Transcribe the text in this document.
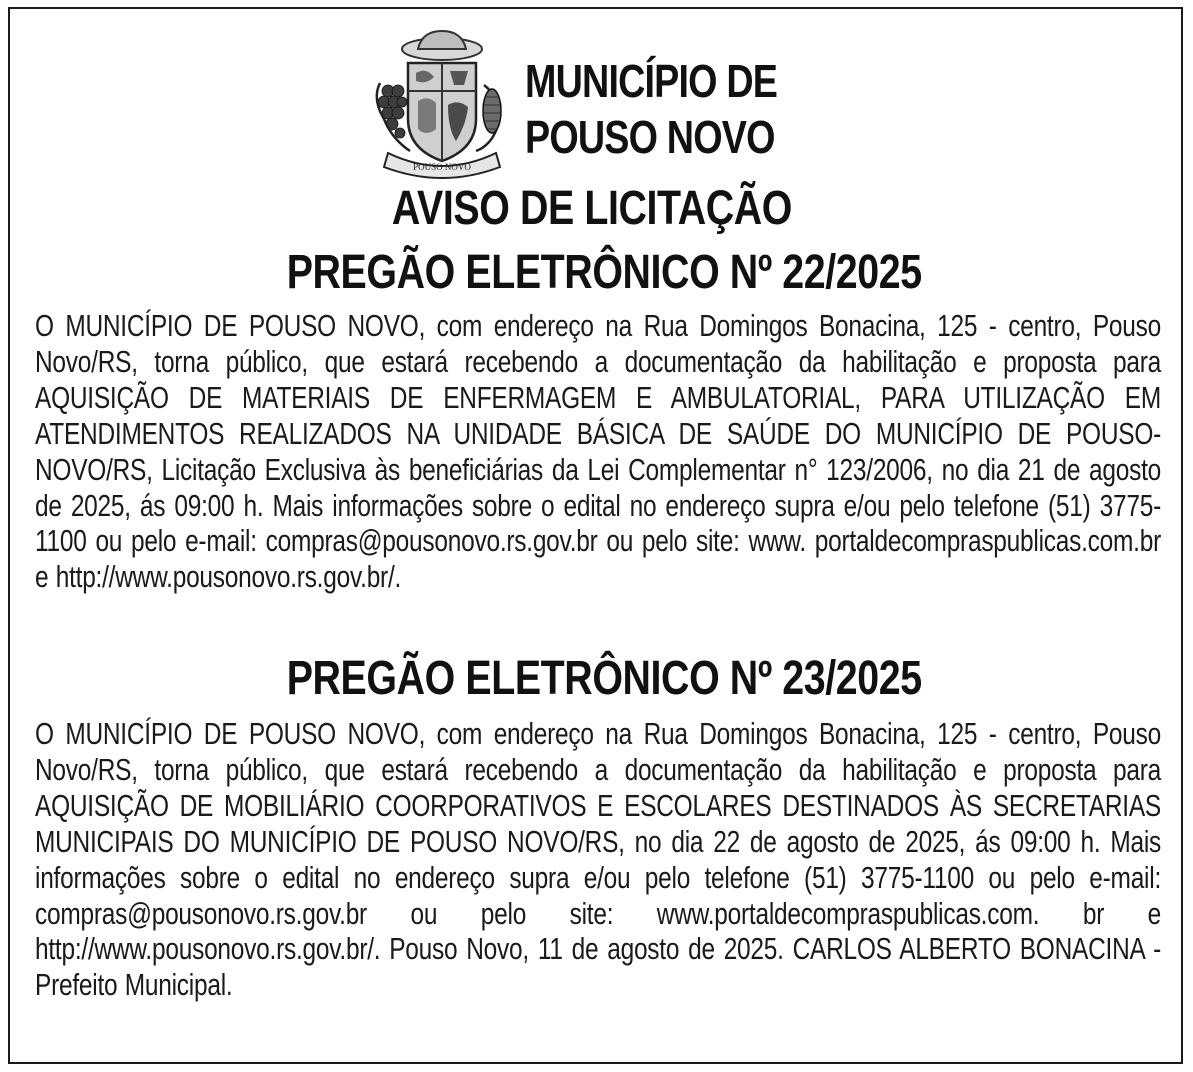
POUSO NOVO
MUNICÍPIO DE
POUSO NOVO
AVISO DE LICITAÇÃO
PREGÃO ELETRÔNICO Nº 22/2025
O MUNICÍPIO DE POUSO NOVO, com endereço na Rua Domingos Bonacina, 125 - centro, Pouso Novo/RS, torna público, que estará recebendo a documentação da habilitação e proposta para AQUISIÇÃO DE MATERIAIS DE ENFERMAGEM E AMBULATORIAL, PARA UTILIZAÇÃO EM ATENDIMENTOS REALIZADOS NA UNIDADE BÁSICA DE SAÚDE DO MUNICÍPIO DE POUSO-NOVO/RS, Licitação Exclusiva às beneficiárias da Lei Complementar n° 123/2006, no dia 21 de agosto de 2025, ás 09:00 h. Mais informações sobre o edital no endereço supra e/ou pelo telefone (51) 3775-1100 ou pelo e-mail: compras@pousonovo.rs.gov.br ou pelo site: www. portaldecompraspublicas.com.br e http://www.pousonovo.rs.gov.br/.
PREGÃO ELETRÔNICO Nº 23/2025
O MUNICÍPIO DE POUSO NOVO, com endereço na Rua Domingos Bonacina, 125 - centro, Pouso Novo/RS, torna público, que estará recebendo a documentação da habilitação e proposta para AQUISIÇÃO DE MOBILIÁRIO COORPORATIVOS E ESCOLARES DESTINADOS ÀS SECRETARIAS MUNICIPAIS DO MUNICÍPIO DE POUSO NOVO/RS, no dia 22 de agosto de 2025, ás 09:00 h. Mais informações sobre o edital no endereço supra e/ou pelo telefone (51) 3775-1100 ou pelo e-mail: compras@pousonovo.rs.gov.br ou pelo site: www.portaldecompraspublicas.com. br e http://www.pousonovo.rs.gov.br/. Pouso Novo, 11 de agosto de 2025. CARLOS ALBERTO BONACINA - Prefeito Municipal.
